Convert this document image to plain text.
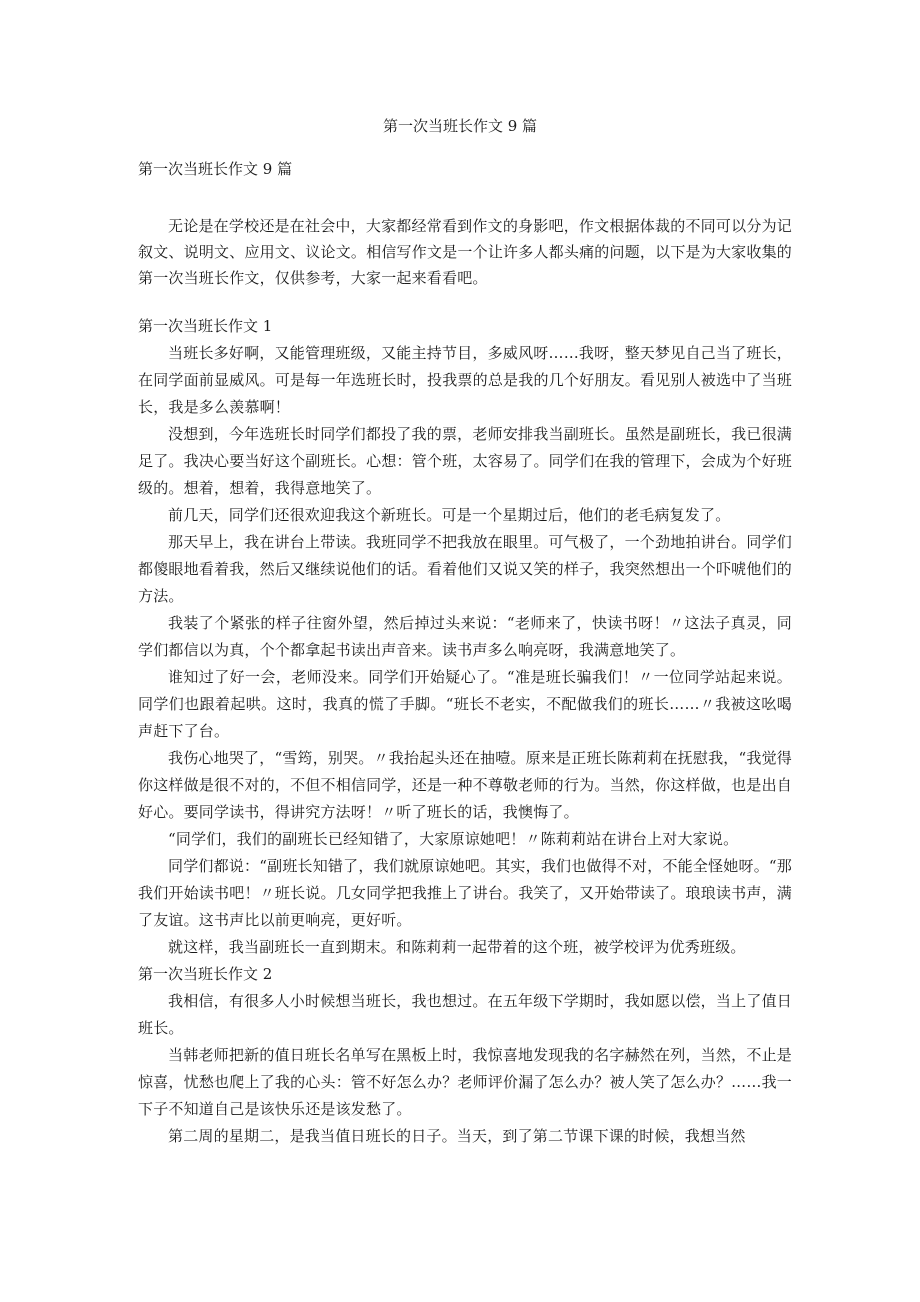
第一次当班长作文 9 篇
第一次当班长作文 9 篇

无论是在学校还是在社会中，大家都经常看到作文的身影吧，作文根据体裁的不同可以分为记叙文、说明文、应用文、议论文。相信写作文是一个让许多人都头痛的问题，以下是为大家收集的第一次当班长作文，仅供参考，大家一起来看看吧。

第一次当班长作文 1

当班长多好啊，又能管理班级，又能主持节目，多威风呀……我呀，整天梦见自己当了班长，在同学面前显威风。可是每一年选班长时，投我票的总是我的几个好朋友。看见别人被选中了当班长，我是多么羡慕啊！

没想到，今年选班长时同学们都投了我的票，老师安排我当副班长。虽然是副班长，我已很满足了。我决心要当好这个副班长。心想：管个班，太容易了。同学们在我的管理下，会成为个好班级的。想着，想着，我得意地笑了。

前几天，同学们还很欢迎我这个新班长。可是一个星期过后，他们的老毛病复发了。

那天早上，我在讲台上带读。我班同学不把我放在眼里。可气极了，一个劲地拍讲台。同学们都傻眼地看着我，然后又继续说他们的话。看着他们又说又笑的样子，我突然想出一个吓唬他们的方法。

我装了个紧张的样子往窗外望，然后掉过头来说：“老师来了，快读书呀！〃这法子真灵，同学们都信以为真，个个都拿起书读出声音来。读书声多么响亮呀，我满意地笑了。

谁知过了好一会，老师没来。同学们开始疑心了。“准是班长骗我们！〃一位同学站起来说。同学们也跟着起哄。这时，我真的慌了手脚。“班长不老实，不配做我们的班长……〃我被这吆喝声赶下了台。

我伤心地哭了，“雪筠，别哭。〃我抬起头还在抽噎。原来是正班长陈莉莉在抚慰我，“我觉得你这样做是很不对的，不但不相信同学，还是一种不尊敬老师的行为。当然，你这样做，也是出自好心。要同学读书，得讲究方法呀！〃听了班长的话，我懊悔了。

“同学们，我们的副班长已经知错了，大家原谅她吧！〃陈莉莉站在讲台上对大家说。

同学们都说：“副班长知错了，我们就原谅她吧。其实，我们也做得不对，不能全怪她呀。“那我们开始读书吧！〃班长说。几女同学把我推上了讲台。我笑了，又开始带读了。琅琅读书声，满了友谊。这书声比以前更响亮，更好听。

就这样，我当副班长一直到期末。和陈莉莉一起带着的这个班，被学校评为优秀班级。

第一次当班长作文 2

我相信，有很多人小时候想当班长，我也想过。在五年级下学期时，我如愿以偿，当上了值日班长。

当韩老师把新的值日班长名单写在黑板上时，我惊喜地发现我的名字赫然在列，当然，不止是惊喜，忧愁也爬上了我的心头：管不好怎么办？老师评价漏了怎么办？被人笑了怎么办？……我一下子不知道自己是该快乐还是该发愁了。

第二周的星期二，是我当值日班长的日子。当天，到了第二节课下课的时候，我想当然
